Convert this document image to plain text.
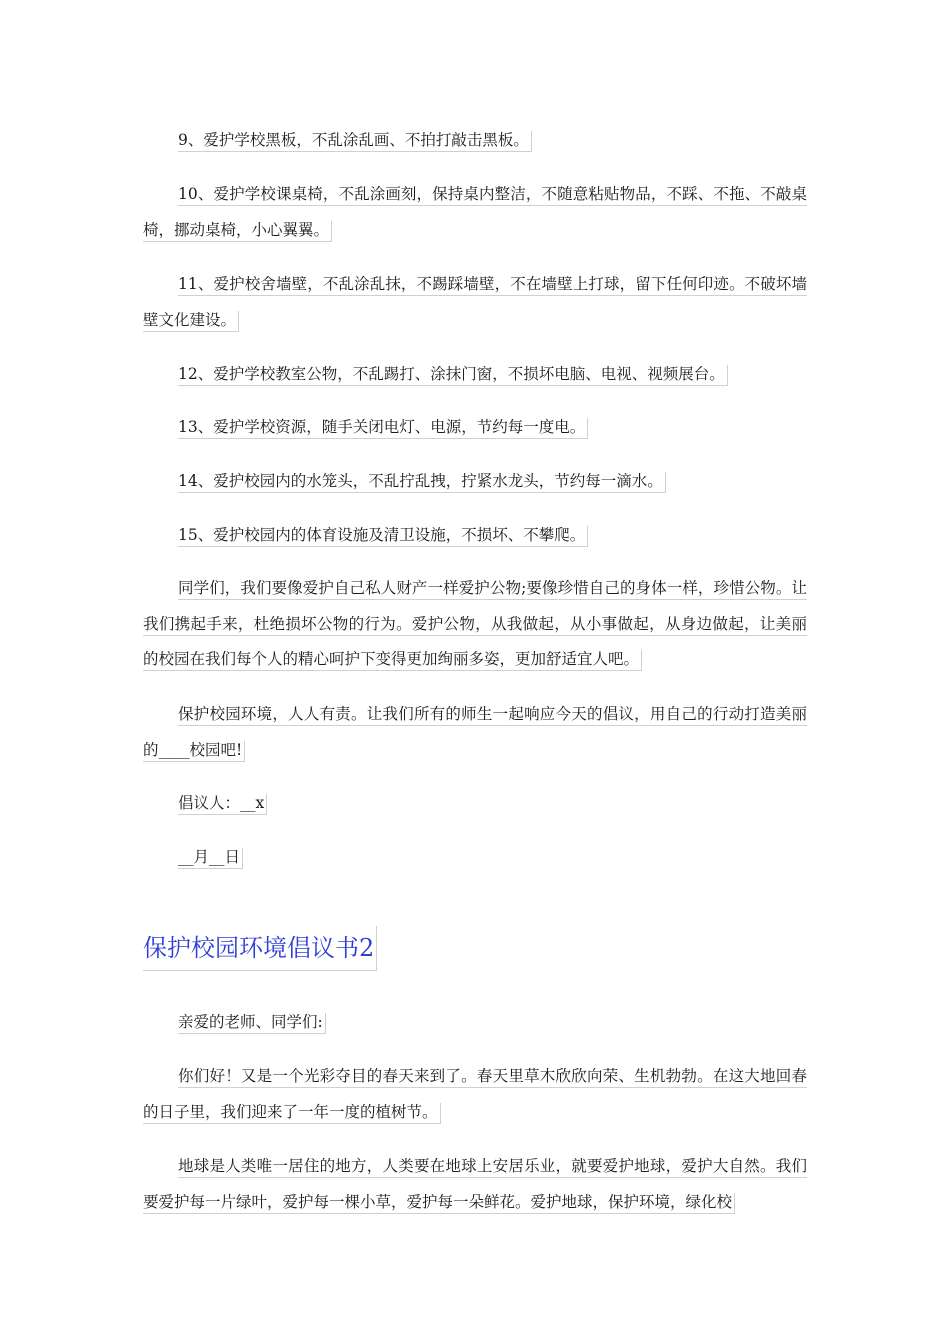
9、爱护学校黑板，不乱涂乱画、不拍打敲击黑板。
10、爱护学校课桌椅，不乱涂画刻，保持桌内整洁，不随意粘贴物品，不踩、不拖、不敲桌椅，挪动桌椅，小心翼翼。
11、爱护校舍墙壁，不乱涂乱抹，不踢踩墙壁，不在墙壁上打球，留下任何印迹。不破坏墙壁文化建设。
12、爱护学校教室公物，不乱踢打、涂抹门窗，不损坏电脑、电视、视频展台。
13、爱护学校资源，随手关闭电灯、电源，节约每一度电。
14、爱护校园内的水笼头，不乱拧乱拽，拧紧水龙头，节约每一滴水。
15、爱护校园内的体育设施及清卫设施，不损坏、不攀爬。
同学们，我们要像爱护自己私人财产一样爱护公物;要像珍惜自己的身体一样，珍惜公物。让我们携起手来，杜绝损坏公物的行为。爱护公物，从我做起，从小事做起，从身边做起，让美丽的校园在我们每个人的精心呵护下变得更加绚丽多姿，更加舒适宜人吧。
保护校园环境，人人有责。让我们所有的师生一起响应今天的倡议，用自己的行动打造美丽的____校园吧!
倡议人：__x
__月__日
保护校园环境倡议书2
亲爱的老师、同学们:
你们好！又是一个光彩夺目的春天来到了。春天里草木欣欣向荣、生机勃勃。在这大地回春的日子里，我们迎来了一年一度的植树节。
地球是人类唯一居住的地方，人类要在地球上安居乐业，就要爱护地球，爱护大自然。我们要爱护每一片绿叶，爱护每一棵小草，爱护每一朵鲜花。爱护地球，保护环境，绿化校
